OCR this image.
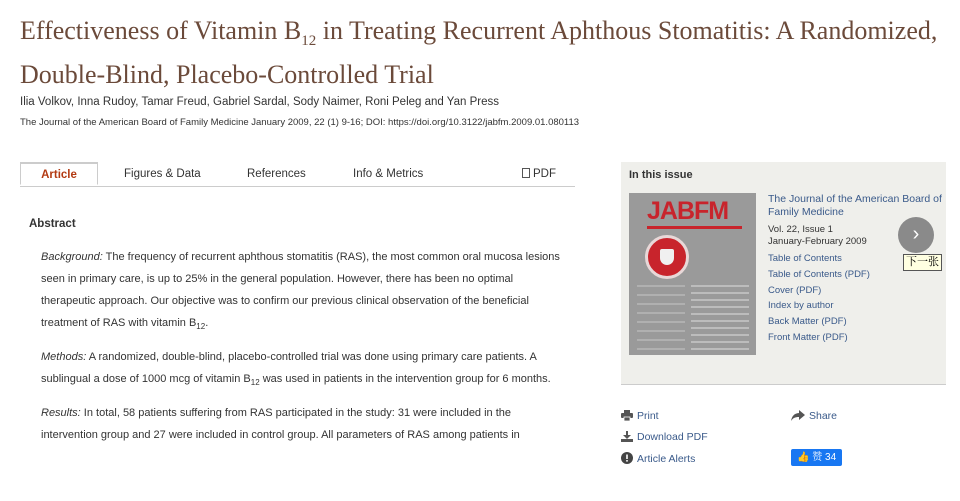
Effectiveness of Vitamin $B_{12}$ in Treating Recurrent Aphthous Stomatitis: A Randomized, Double-Blind, Placebo-Controlled Trial
Ilia Volkov, Inna Rudoy, Tamar Freud, Gabriel Sardal, Sody Naimer, Roni Peleg and Yan Press
The Journal of the American Board of Family Medicine January 2009, 22 (1) 9-16; DOI: https://doi.org/10.3122/jabfm.2009.01.080113
Article	Figures & Data	References	Info & Metrics	PDF
Abstract

Background: The frequency of recurrent aphthous stomatitis (RAS), the most common oral mucosa lesions seen in primary care, is up to 25% in the general population. However, there has been no optimal therapeutic approach. Our objective was to confirm our previous clinical observation of the beneficial treatment of RAS with vitamin $B_{12}$.

Methods: A randomized, double-blind, placebo-controlled trial was done using primary care patients. A sublingual a dose of 1000 mcg of vitamin $B_{12}$ was used in patients in the intervention group for 6 months.

Results: In total, 58 patients suffering from RAS participated in the study: 31 were included in the intervention group and 27 were included in control group. All parameters of RAS among patients in

In this issue
JABFM	The Journal of the American Board of Family Medicine
Vol. 22, Issue 1
January-February 2009
Table of Contents
Table of Contents (PDF)
Cover (PDF)
Index by author
Back Matter (PDF)
Front Matter (PDF)
›
下一张
Print
Download PDF
Article Alerts
Share
👍 赞 34
